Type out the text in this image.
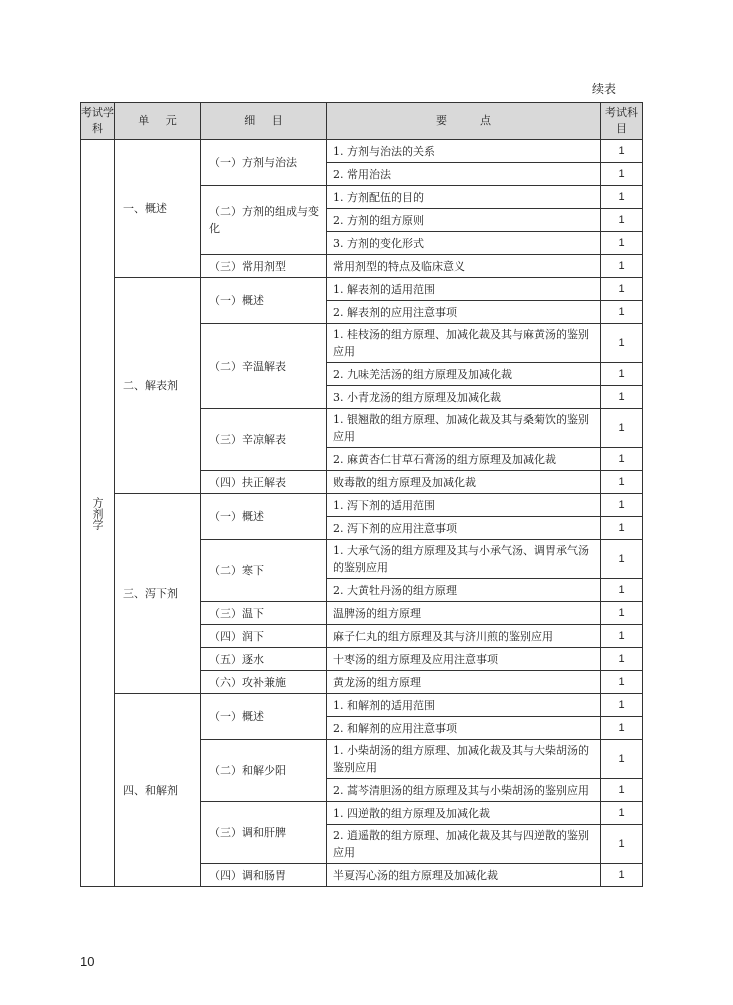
续表
考试学科	单元	细目	要点	考试科目
方剂学	一、概述	（一）方剂与治法	1. 方剂与治法的关系	1
			2. 常用治法	1
		（二）方剂的组成与变化	1. 方剂配伍的目的	1
			2. 方剂的组方原则	1
			3. 方剂的变化形式	1
		（三）常用剂型	常用剂型的特点及临床意义	1
	二、解表剂	（一）概述	1. 解表剂的适用范围	1
			2. 解表剂的应用注意事项	1
		（二）辛温解表	1. 桂枝汤的组方原理、加减化裁及其与麻黄汤的鉴别应用	1
			2. 九味羌活汤的组方原理及加减化裁	1
			3. 小青龙汤的组方原理及加减化裁	1
		（三）辛凉解表	1. 银翘散的组方原理、加减化裁及其与桑菊饮的鉴别应用	1
			2. 麻黄杏仁甘草石膏汤的组方原理及加减化裁	1
		（四）扶正解表	败毒散的组方原理及加减化裁	1
	三、泻下剂	（一）概述	1. 泻下剂的适用范围	1
			2. 泻下剂的应用注意事项	1
		（二）寒下	1. 大承气汤的组方原理及其与小承气汤、调胃承气汤的鉴别应用	1
			2. 大黄牡丹汤的组方原理	1
		（三）温下	温脾汤的组方原理	1
		（四）润下	麻子仁丸的组方原理及其与济川煎的鉴别应用	1
		（五）逐水	十枣汤的组方原理及应用注意事项	1
		（六）攻补兼施	黄龙汤的组方原理	1
	四、和解剂	（一）概述	1. 和解剂的适用范围	1
			2. 和解剂的应用注意事项	1
		（二）和解少阳	1. 小柴胡汤的组方原理、加减化裁及其与大柴胡汤的鉴别应用	1
			2. 蒿芩清胆汤的组方原理及其与小柴胡汤的鉴别应用	1
		（三）调和肝脾	1. 四逆散的组方原理及加减化裁	1
			2. 逍遥散的组方原理、加减化裁及其与四逆散的鉴别应用	1
		（四）调和肠胃	半夏泻心汤的组方原理及加减化裁	1
10
